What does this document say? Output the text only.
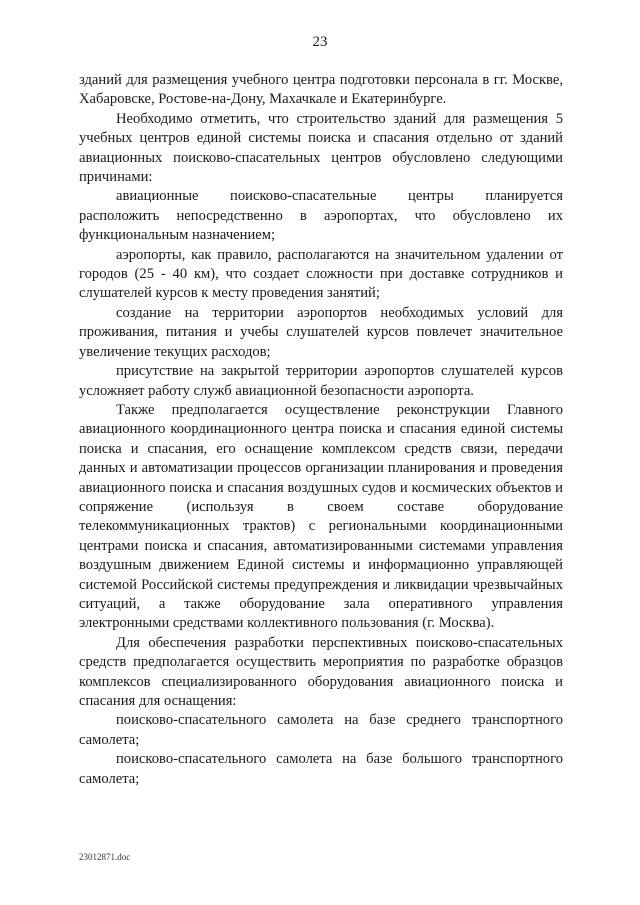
23

зданий для размещения учебного центра подготовки персонала в гг. Москве, Хабаровске, Ростове-на-Дону, Махачкале и Екатеринбурге.

Необходимо отметить, что строительство зданий для размещения 5 учебных центров единой системы поиска и спасания отдельно от зданий авиационных поисково-спасательных центров обусловлено следующими причинами:

авиационные поисково-спасательные центры планируется расположить непосредственно в аэропортах, что обусловлено их функциональным назначением;

аэропорты, как правило, располагаются на значительном удалении от городов (25 - 40 км), что создает сложности при доставке сотрудников и слушателей курсов к месту проведения занятий;

создание на территории аэропортов необходимых условий для проживания, питания и учебы слушателей курсов повлечет значительное увеличение текущих расходов;

присутствие на закрытой территории аэропортов слушателей курсов усложняет работу служб авиационной безопасности аэропорта.

Также предполагается осуществление реконструкции Главного авиационного координационного центра поиска и спасания единой системы поиска и спасания, его оснащение комплексом средств связи, передачи данных и автоматизации процессов организации планирования и проведения авиационного поиска и спасания воздушных судов и космических объектов и сопряжение (используя в своем составе оборудование телекоммуникационных трактов) с региональными координационными центрами поиска и спасания, автоматизированными системами управления воздушным движением Единой системы и информационно управляющей системой Российской системы предупреждения и ликвидации чрезвычайных ситуаций, а также оборудование зала оперативного управления электронными средствами коллективного пользования (г. Москва).

Для обеспечения разработки перспективных поисково-спасательных средств предполагается осуществить мероприятия по разработке образцов комплексов специализированного оборудования авиационного поиска и спасания для оснащения:

поисково-спасательного самолета на базе среднего транспортного самолета;

поисково-спасательного самолета на базе большого транспортного самолета;

23012871.doc
